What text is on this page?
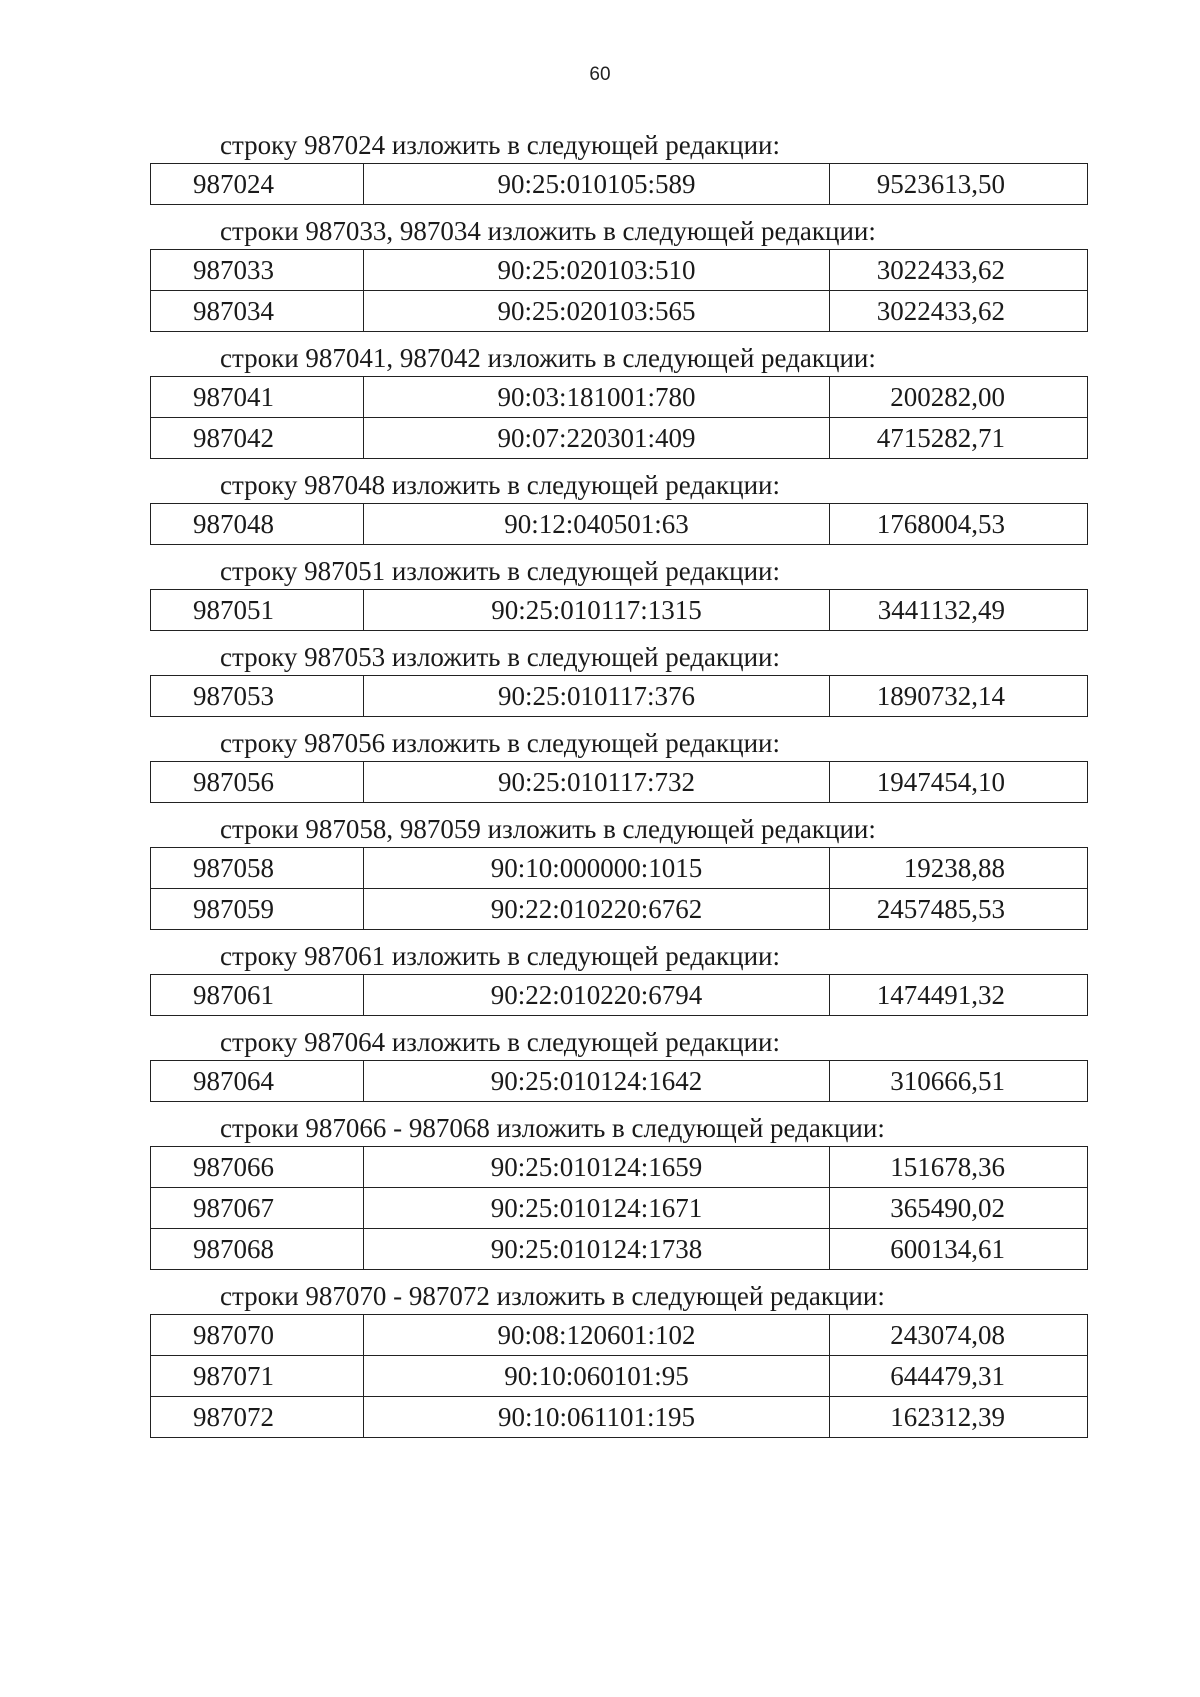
60
строку 987024 изложить в следующей редакции:
987024	90:25:010105:589	9523613,50
строки 987033, 987034 изложить в следующей редакции:
987033	90:25:020103:510	3022433,62
987034	90:25:020103:565	3022433,62
строки 987041, 987042 изложить в следующей редакции:
987041	90:03:181001:780	200282,00
987042	90:07:220301:409	4715282,71
строку 987048 изложить в следующей редакции:
987048	90:12:040501:63	1768004,53
строку 987051 изложить в следующей редакции:
987051	90:25:010117:1315	3441132,49
строку 987053 изложить в следующей редакции:
987053	90:25:010117:376	1890732,14
строку 987056 изложить в следующей редакции:
987056	90:25:010117:732	1947454,10
строки 987058, 987059 изложить в следующей редакции:
987058	90:10:000000:1015	19238,88
987059	90:22:010220:6762	2457485,53
строку 987061 изложить в следующей редакции:
987061	90:22:010220:6794	1474491,32
строку 987064 изложить в следующей редакции:
987064	90:25:010124:1642	310666,51
строки 987066 - 987068 изложить в следующей редакции:
987066	90:25:010124:1659	151678,36
987067	90:25:010124:1671	365490,02
987068	90:25:010124:1738	600134,61
строки 987070 - 987072 изложить в следующей редакции:
987070	90:08:120601:102	243074,08
987071	90:10:060101:95	644479,31
987072	90:10:061101:195	162312,39
